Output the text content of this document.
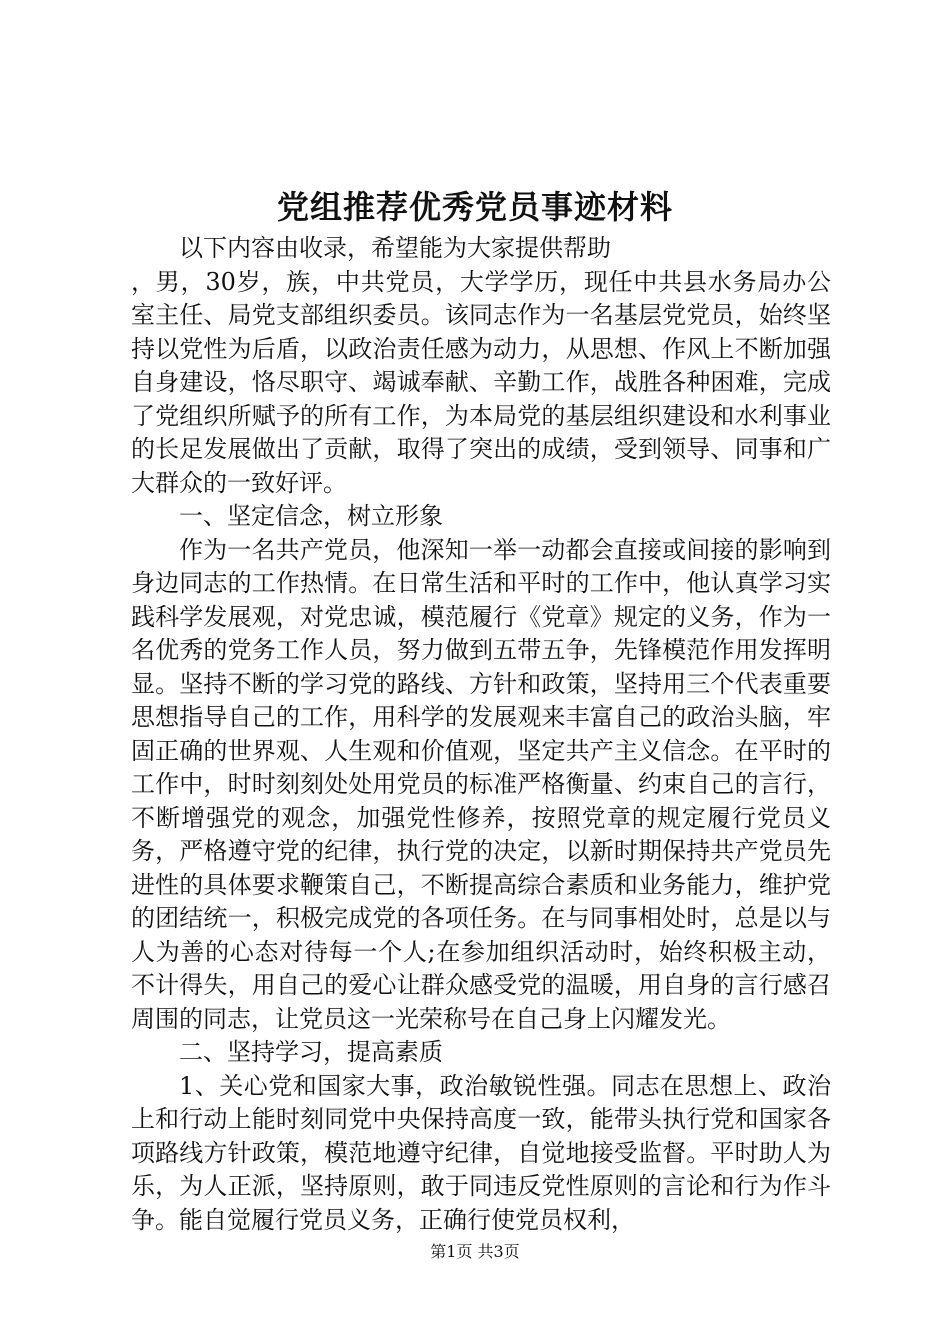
党组推荐优秀党员事迹材料

以下内容由收录，希望能为大家提供帮助

，男，30岁，族，中共党员，大学学历，现任中共县水务局办公室主任、局党支部组织委员。该同志作为一名基层党党员，始终坚持以党性为后盾，以政治责任感为动力，从思想、作风上不断加强自身建设，恪尽职守、竭诚奉献、辛勤工作，战胜各种困难，完成了党组织所赋予的所有工作，为本局党的基层组织建设和水利事业的长足发展做出了贡献，取得了突出的成绩，受到领导、同事和广大群众的一致好评。

一、坚定信念，树立形象

作为一名共产党员，他深知一举一动都会直接或间接的影响到身边同志的工作热情。在日常生活和平时的工作中，他认真学习实践科学发展观，对党忠诚，模范履行《党章》规定的义务，作为一名优秀的党务工作人员，努力做到五带五争，先锋模范作用发挥明显。坚持不断的学习党的路线、方针和政策，坚持用三个代表重要思想指导自己的工作，用科学的发展观来丰富自己的政治头脑，牢固正确的世界观、人生观和价值观，坚定共产主义信念。在平时的工作中，时时刻刻处处用党员的标准严格衡量、约束自己的言行，不断增强党的观念，加强党性修养，按照党章的规定履行党员义务，严格遵守党的纪律，执行党的决定，以新时期保持共产党员先进性的具体要求鞭策自己，不断提高综合素质和业务能力，维护党的团结统一，积极完成党的各项任务。在与同事相处时，总是以与人为善的心态对待每一个人;在参加组织活动时，始终积极主动，不计得失，用自己的爱心让群众感受党的温暖，用自身的言行感召周围的同志，让党员这一光荣称号在自己身上闪耀发光。

二、坚持学习，提高素质

1、关心党和国家大事，政治敏锐性强。同志在思想上、政治上和行动上能时刻同党中央保持高度一致，能带头执行党和国家各项路线方针政策，模范地遵守纪律，自觉地接受监督。平时助人为乐，为人正派，坚持原则，敢于同违反党性原则的言论和行为作斗争。能自觉履行党员义务，正确行使党员权利，

第1页 共3页
